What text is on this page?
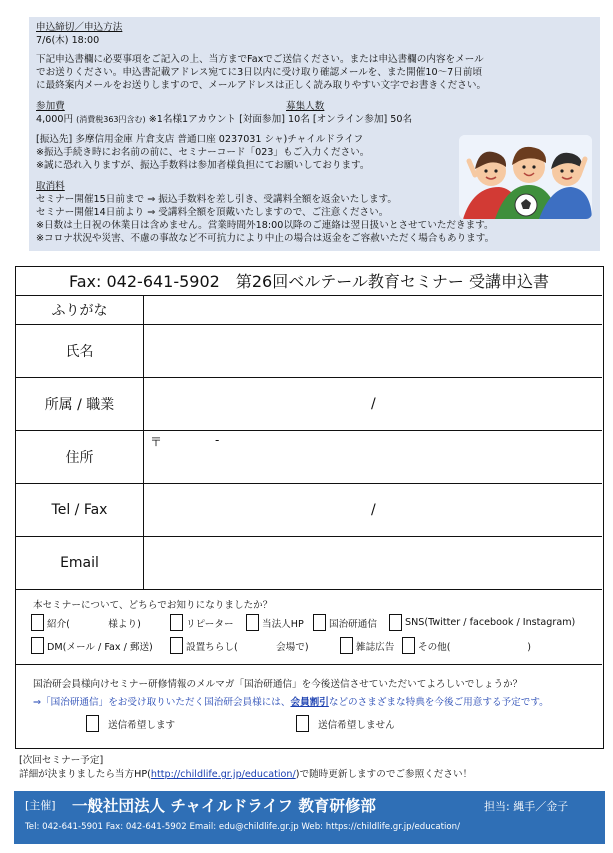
申込締切／申込方法
7/6(木) 18:00
下記申込書欄に必要事項をご記入の上、当方までFaxでご送信ください。または申込書欄の内容をメール
でお送りください。申込書記載アドレス宛てに3日以内に受け取り確認メールを、また開催10～7日前頃
に最終案内メールをお送りしますので、メールアドレスは正しく読み取りやすい文字でお書きください。
参加費	募集人数
4,000円 (消費税363円含む) ※1名様1アカウント [対面参加] 10名 [オンライン参加] 50名
[振込先] 多摩信用金庫 片倉支店 普通口座 0237031 シャ)チャイルドライフ
※振込手続き時にお名前の前に、セミナーコード「023」もご入力ください。
※誠に恐れ入りますが、振込手数料は参加者様負担にてお願いしております。
取消料
セミナー開催15日前まで ⇒ 振込手数料を差し引き、受講料全額を返金いたします。
セミナー開催14日前より ⇒ 受講料全額を頂戴いたしますので、ご注意ください。
※日数は土日祝の休業日は含めません。営業時間外18:00以降のご連絡は翌日扱いとさせていただきます。
※コロナ状況や災害、不慮の事故など不可抗力により中止の場合は返金をご容赦いただく場合もあります。
Fax: 042-641-5902　第26回ベルテール教育セミナー 受講申込書
ふりがな
氏名
所属 / 職業	/
住所
〒	-
Tel / Fax	/
Email
本セミナーについて、どちらでお知りになりましたか？
紹介(　　　　様より)	リピーター	当法人HP	国治研通信	SNS(Twitter / facebook / Instagram)
DM(メール / Fax / 郵送)	設置ちらし(　　　　会場で)	雑誌広告 その他(　　　　　　　　)
国治研会員様向けセミナー研修情報のメルマガ「国治研通信」を今後送信させていただいてよろしいでしょうか？
⇒「国治研通信」をお受け取りいただく国治研会員様には、会員割引などのさまざまな特典を今後ご用意する予定です。
送信希望します	送信希望しません
[次回セミナー予定]
詳細が決まりましたら当方HP(http://childlife.gr.jp/education/)で随時更新しますのでご参照ください！
[主催] 一般社団法人 チャイルドライフ 教育研修部	担当: 縄手／金子
Tel: 042-641-5901 Fax: 042-641-5902 Email: edu@childlife.gr.jp Web: https://childlife.gr.jp/education/
